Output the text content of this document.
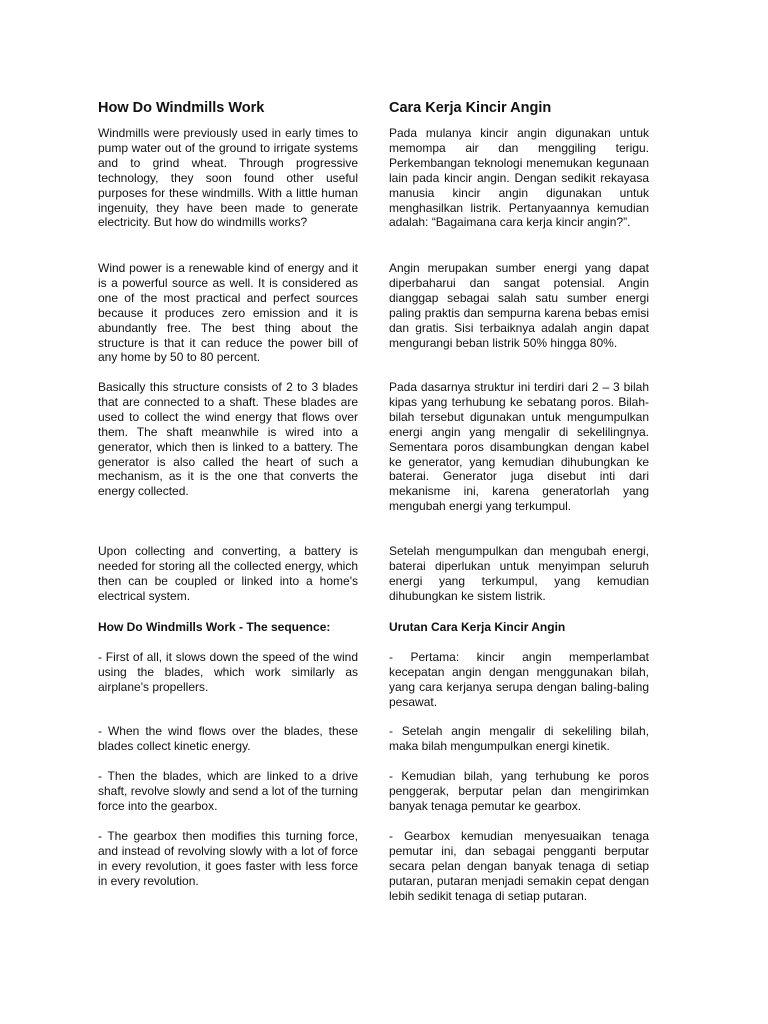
How Do Windmills Work

Windmills were previously used in early times to pump water out of the ground to irrigate systems and to grind wheat. Through progressive technology, they soon found other useful purposes for these windmills. With a little human ingenuity, they have been made to generate electricity. But how do windmills works?

Wind power is a renewable kind of energy and it is a powerful source as well. It is considered as one of the most practical and perfect sources because it produces zero emission and it is abundantly free. The best thing about the structure is that it can reduce the power bill of any home by 50 to 80 percent.

Basically this structure consists of 2 to 3 blades that are connected to a shaft. These blades are used to collect the wind energy that flows over them. The shaft meanwhile is wired into a generator, which then is linked to a battery. The generator is also called the heart of such a mechanism, as it is the one that converts the energy collected.

Upon collecting and converting, a battery is needed for storing all the collected energy, which then can be coupled or linked into a home's electrical system.

How Do Windmills Work - The sequence:

- First of all, it slows down the speed of the wind using the blades, which work similarly as airplane's propellers.

- When the wind flows over the blades, these blades collect kinetic energy.

- Then the blades, which are linked to a drive shaft, revolve slowly and send a lot of the turning force into the gearbox.

- The gearbox then modifies this turning force, and instead of revolving slowly with a lot of force in every revolution, it goes faster with less force in every revolution.

Cara Kerja Kincir Angin

Pada mulanya kincir angin digunakan untuk memompa air dan menggiling terigu. Perkembangan teknologi menemukan kegunaan lain pada kincir angin. Dengan sedikit rekayasa manusia kincir angin digunakan untuk menghasilkan listrik. Pertanyaannya kemudian adalah: “Bagaimana cara kerja kincir angin?”.

Angin merupakan sumber energi yang dapat diperbaharui dan sangat potensial. Angin dianggap sebagai salah satu sumber energi paling praktis dan sempurna karena bebas emisi dan gratis. Sisi terbaiknya adalah angin dapat mengurangi beban listrik 50% hingga 80%.

Pada dasarnya struktur ini terdiri dari 2 – 3 bilah kipas yang terhubung ke sebatang poros. Bilah-bilah tersebut digunakan untuk mengumpulkan energi angin yang mengalir di sekelilingnya. Sementara poros disambungkan dengan kabel ke generator, yang kemudian dihubungkan ke baterai. Generator juga disebut inti dari mekanisme ini, karena generatorlah yang mengubah energi yang terkumpul.

Setelah mengumpulkan dan mengubah energi, baterai diperlukan untuk menyimpan seluruh energi yang terkumpul, yang kemudian dihubungkan ke sistem listrik.

Urutan Cara Kerja Kincir Angin

- Pertama: kincir angin memperlambat kecepatan angin dengan menggunakan bilah, yang cara kerjanya serupa dengan baling-baling pesawat.

- Setelah angin mengalir di sekeliling bilah, maka bilah mengumpulkan energi kinetik.

- Kemudian bilah, yang terhubung ke poros penggerak, berputar pelan dan mengirimkan banyak tenaga pemutar ke gearbox.

- Gearbox kemudian menyesuaikan tenaga pemutar ini, dan sebagai pengganti berputar secara pelan dengan banyak tenaga di setiap putaran, putaran menjadi semakin cepat dengan lebih sedikit tenaga di setiap putaran.
